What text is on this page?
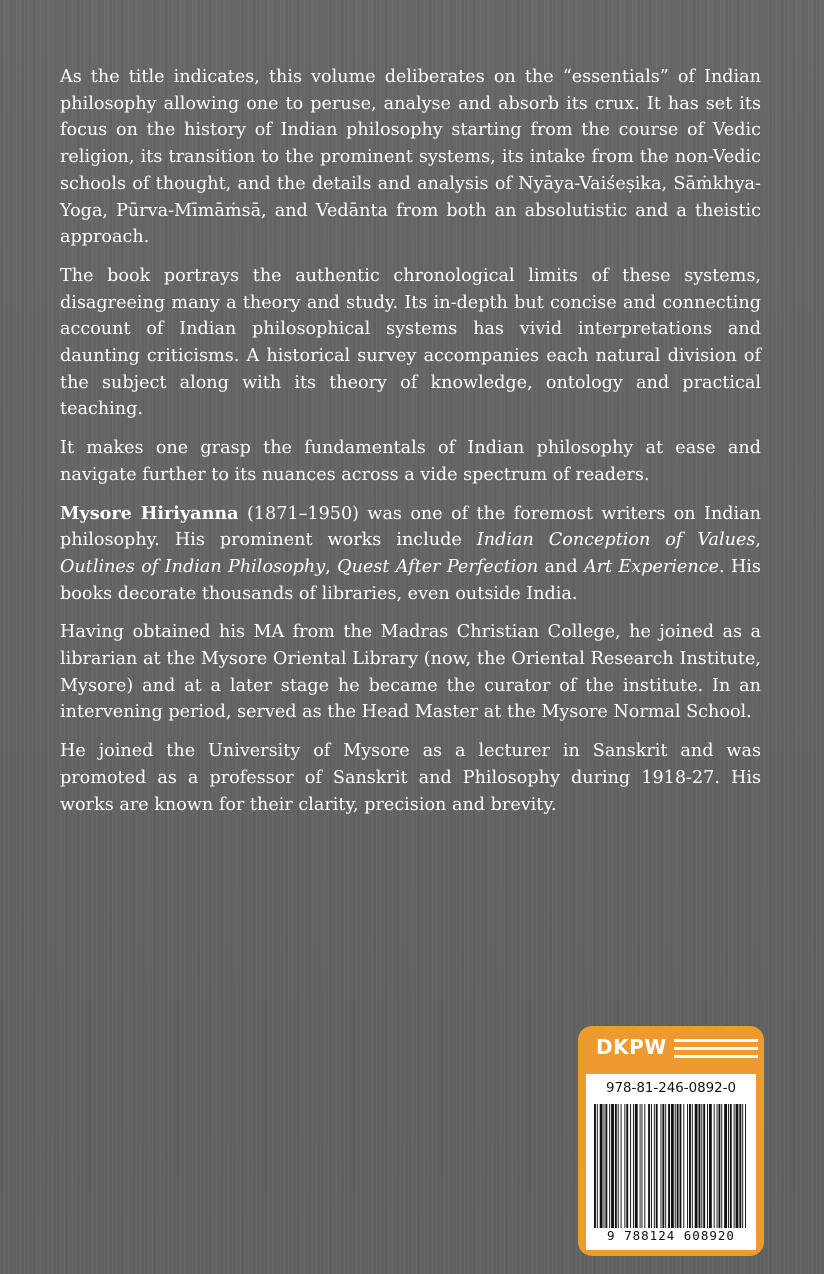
As the title indicates, this volume deliberates on the “essentials” of Indian philosophy allowing one to peruse, analyse and absorb its crux. It has set its focus on the history of Indian philosophy starting from the course of Vedic religion, its transition to the prominent systems, its intake from the non-Vedic schools of thought, and the details and analysis of Nyāya-Vaiśeṣika, Sāṁkhya-Yoga, Pūrva-Mīmāṁsā, and Vedānta from both an absolutistic and a theistic approach.

The book portrays the authentic chronological limits of these systems, disagreeing many a theory and study. Its in-depth but concise and connecting account of Indian philosophical systems has vivid interpretations and daunting criticisms. A historical survey accompanies each natural division of the subject along with its theory of knowledge, ontology and practical teaching.

It makes one grasp the fundamentals of Indian philosophy at ease and navigate further to its nuances across a vide spectrum of readers.

Mysore Hiriyanna (1871–1950) was one of the foremost writers on Indian philosophy. His prominent works include Indian Conception of Values, Outlines of Indian Philosophy, Quest After Perfection and Art Experience. His books decorate thousands of libraries, even outside India.

Having obtained his MA from the Madras Christian College, he joined as a librarian at the Mysore Oriental Library (now, the Oriental Research Institute, Mysore) and at a later stage he became the curator of the institute. In an intervening period, served as the Head Master at the Mysore Normal School.

He joined the University of Mysore as a lecturer in Sanskrit and was promoted as a professor of Sanskrit and Philosophy during 1918-27. His works are known for their clarity, precision and brevity.

DKPW
978-81-246-0892-0
9 788124 608920
